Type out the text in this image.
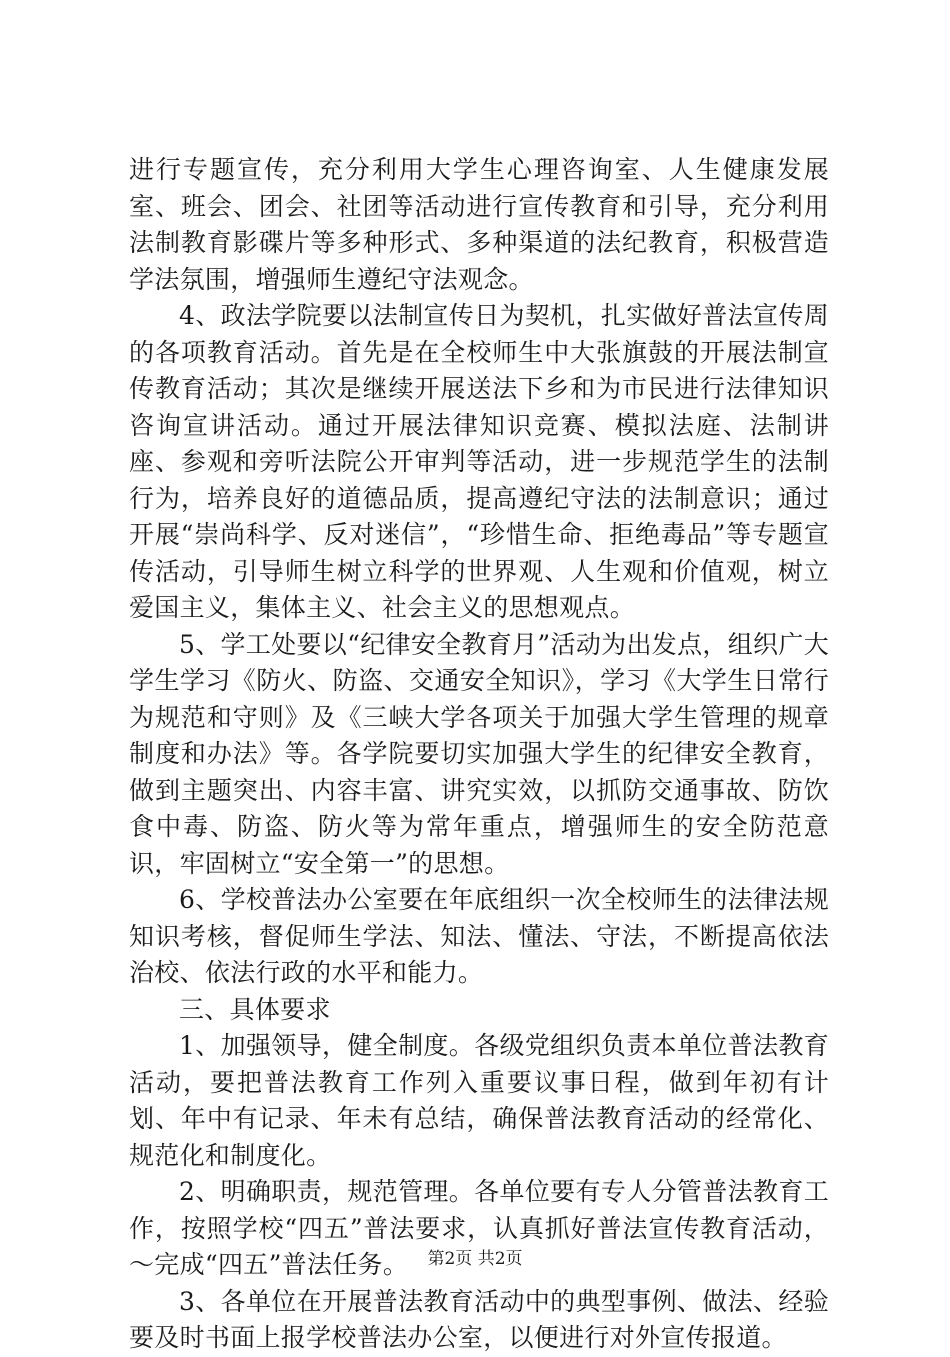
进行专题宣传，充分利用大学生心理咨询室、人生健康发展室、班会、团会、社团等活动进行宣传教育和引导，充分利用法制教育影碟片等多种形式、多种渠道的法纪教育，积极营造学法氛围，增强师生遵纪守法观念。

4、政法学院要以法制宣传日为契机，扎实做好普法宣传周的各项教育活动。首先是在全校师生中大张旗鼓的开展法制宣传教育活动；其次是继续开展送法下乡和为市民进行法律知识咨询宣讲活动。通过开展法律知识竞赛、模拟法庭、法制讲座、参观和旁听法院公开审判等活动，进一步规范学生的法制行为，培养良好的道德品质，提高遵纪守法的法制意识；通过开展“崇尚科学、反对迷信”，“珍惜生命、拒绝毒品”等专题宣传活动，引导师生树立科学的世界观、人生观和价值观，树立爱国主义，集体主义、社会主义的思想观点。

5、学工处要以“纪律安全教育月”活动为出发点，组织广大学生学习《防火、防盗、交通安全知识》，学习《大学生日常行为规范和守则》及《三峡大学各项关于加强大学生管理的规章制度和办法》等。各学院要切实加强大学生的纪律安全教育，做到主题突出、内容丰富、讲究实效，以抓防交通事故、防饮食中毒、防盗、防火等为常年重点，增强师生的安全防范意识，牢固树立“安全第一”的思想。

6、学校普法办公室要在年底组织一次全校师生的法律法规知识考核，督促师生学法、知法、懂法、守法，不断提高依法治校、依法行政的水平和能力。

三、具体要求

1、加强领导，健全制度。各级党组织负责本单位普法教育活动，要把普法教育工作列入重要议事日程，做到年初有计划、年中有记录、年未有总结，确保普法教育活动的经常化、规范化和制度化。

2、明确职责，规范管理。各单位要有专人分管普法教育工作，按照学校“四五”普法要求，认真抓好普法宣传教育活动，～完成“四五”普法任务。

3、各单位在开展普法教育活动中的典型事例、做法、经验要及时书面上报学校普法办公室，以便进行对外宣传报道。

第2页 共2页
